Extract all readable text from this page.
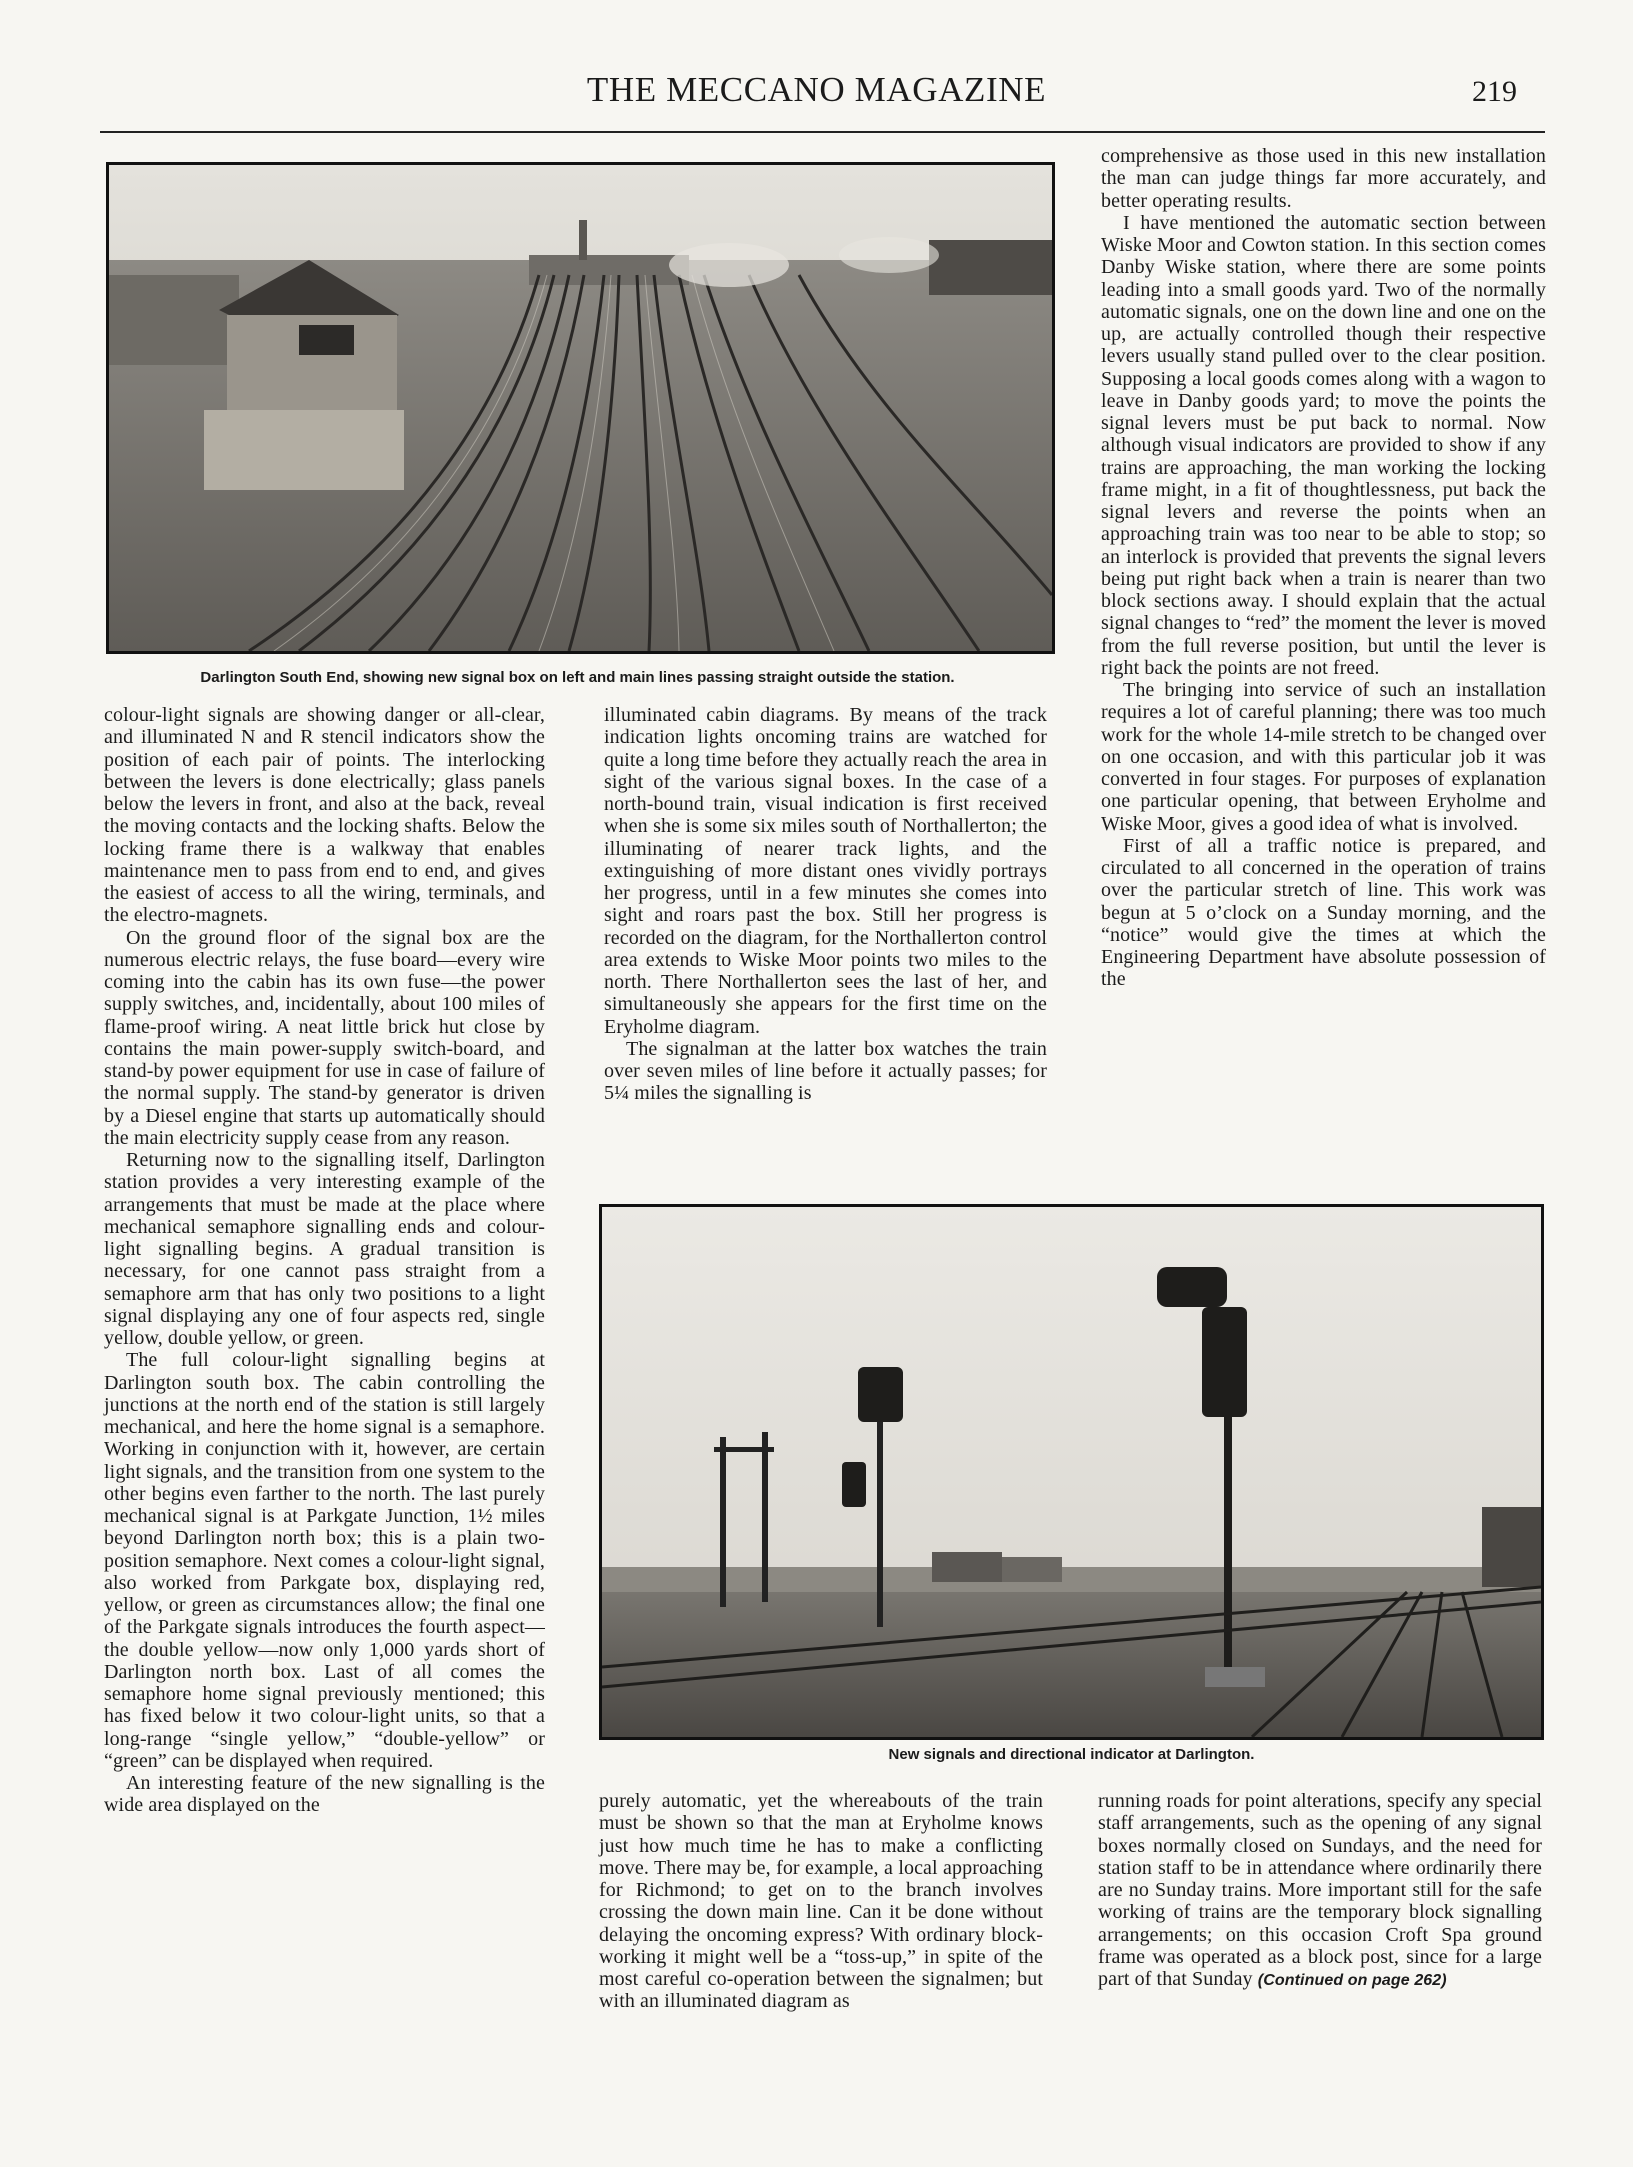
THE MECCANO MAGAZINE	219
Darlington South End, showing new signal box on left and main lines passing straight outside the station.

colour-light signals are showing danger or all-clear, and illuminated N and R stencil indicators show the position of each pair of points. The interlocking between the levers is done electrically; glass panels below the levers in front, and also at the back, reveal the moving contacts and the locking shafts. Below the locking frame there is a walkway that enables maintenance men to pass from end to end, and gives the easiest of access to all the wiring, terminals, and the electro-magnets.

On the ground floor of the signal box are the numerous electric relays, the fuse board—every wire coming into the cabin has its own fuse—the power supply switches, and, incidentally, about 100 miles of flame-proof wiring. A neat little brick hut close by contains the main power-supply switch-board, and stand-by power equipment for use in case of failure of the normal supply. The stand-by generator is driven by a Diesel engine that starts up automatically should the main electricity supply cease from any reason.

Returning now to the signalling itself, Darlington station provides a very interesting example of the arrangements that must be made at the place where mechanical semaphore signalling ends and colour-light signalling begins. A gradual transition is necessary, for one cannot pass straight from a semaphore arm that has only two positions to a light signal displaying any one of four aspects red, single yellow, double yellow, or green.

The full colour-light signalling begins at Darlington south box. The cabin controlling the junctions at the north end of the station is still largely mechanical, and here the home signal is a semaphore. Working in conjunction with it, however, are certain light signals, and the transition from one system to the other begins even farther to the north. The last purely mechanical signal is at Parkgate Junction, 1½ miles beyond Darlington north box; this is a plain two-position semaphore. Next comes a colour-light signal, also worked from Parkgate box, displaying red, yellow, or green as circumstances allow; the final one of the Parkgate signals introduces the fourth aspect—the double yellow—now only 1,000 yards short of Darlington north box. Last of all comes the semaphore home signal previously mentioned; this has fixed below it two colour-light units, so that a long-range “single yellow,” “double-yellow” or “green” can be displayed when required.

An interesting feature of the new signalling is the wide area displayed on the

illuminated cabin diagrams. By means of the track indication lights oncoming trains are watched for quite a long time before they actually reach the area in sight of the various signal boxes. In the case of a north-bound train, visual indication is first received when she is some six miles south of Northallerton; the illuminating of nearer track lights, and the extinguishing of more distant ones vividly portrays her progress, until in a few minutes she comes into sight and roars past the box. Still her progress is recorded on the diagram, for the Northallerton control area extends to Wiske Moor points two miles to the north. There Northallerton sees the last of her, and simultaneously she appears for the first time on the Eryholme diagram.

The signalman at the latter box watches the train over seven miles of line before it actually passes; for 5¼ miles the signalling is

comprehensive as those used in this new installation the man can judge things far more accurately, and better operating results.

I have mentioned the automatic section between Wiske Moor and Cowton station. In this section comes Danby Wiske station, where there are some points leading into a small goods yard. Two of the normally automatic signals, one on the down line and one on the up, are actually controlled though their respective levers usually stand pulled over to the clear position. Supposing a local goods comes along with a wagon to leave in Danby goods yard; to move the points the signal levers must be put back to normal. Now although visual indicators are provided to show if any trains are approaching, the man working the locking frame might, in a fit of thoughtlessness, put back the signal levers and reverse the points when an approaching train was too near to be able to stop; so an interlock is provided that prevents the signal levers being put right back when a train is nearer than two block sections away. I should explain that the actual signal changes to “red” the moment the lever is moved from the full reverse position, but until the lever is right back the points are not freed.

The bringing into service of such an installation requires a lot of careful planning; there was too much work for the whole 14-mile stretch to be changed over on one occasion, and with this particular job it was converted in four stages. For purposes of explanation one particular opening, that between Eryholme and Wiske Moor, gives a good idea of what is involved.

First of all a traffic notice is prepared, and circulated to all concerned in the operation of trains over the particular stretch of line. This work was begun at 5 o’clock on a Sunday morning, and the “notice” would give the times at which the Engineering Department have absolute possession of the

New signals and directional indicator at Darlington.

purely automatic, yet the whereabouts of the train must be shown so that the man at Eryholme knows just how much time he has to make a conflicting move. There may be, for example, a local approaching for Richmond; to get on to the branch involves crossing the down main line. Can it be done without delaying the oncoming express? With ordinary block-working it might well be a “toss-up,” in spite of the most careful co-operation between the signalmen; but with an illuminated diagram as

running roads for point alterations, specify any special staff arrangements, such as the opening of any signal boxes normally closed on Sundays, and the need for station staff to be in attendance where ordinarily there are no Sunday trains. More important still for the safe working of trains are the temporary block signalling arrangements; on this occasion Croft Spa ground frame was operated as a block post, since for a large part of that Sunday (Continued on page 262)
